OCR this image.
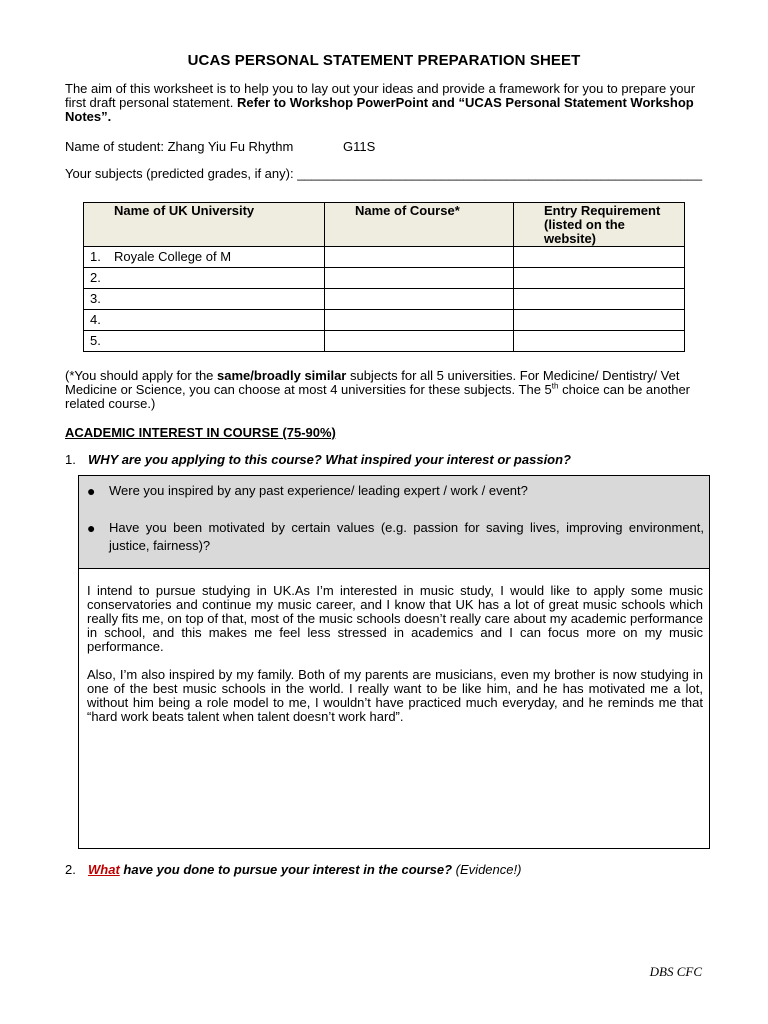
UCAS PERSONAL STATEMENT PREPARATION SHEET
The aim of this worksheet is to help you to lay out your ideas and provide a framework for you to prepare your first draft personal statement. Refer to Workshop PowerPoint and “UCAS Personal Statement Workshop Notes”.
Name of student: Zhang Yiu Fu Rhythm	G11S
Your subjects (predicted grades, if any): ________________________________________________________
Name of UK University	Name of Course*	Entry Requirement (listed on the website)
1. Royale College of M		
2.		
3.		
4.		
5.		
(*You should apply for the same/broadly similar subjects for all 5 universities. For Medicine/ Dentistry/ Vet Medicine or Science, you can choose at most 4 universities for these subjects. The 5th choice can be another related course.)
ACADEMIC INTEREST IN COURSE (75-90%)
1. WHY are you applying to this course? What inspired your interest or passion?
●	Were you inspired by any past experience/ leading expert / work / event?
●	Have you been motivated by certain values (e.g. passion for saving lives, improving environment, justice, fairness)?

I intend to pursue studying in UK.As I’m interested in music study, I would like to apply some music conservatories and continue my music career, and I know that UK has a lot of great music schools which really fits me, on top of that, most of the music schools doesn’t really care about my academic performance in school, and this makes me feel less stressed in academics and I can focus more on my music performance.

Also, I’m also inspired by my family. Both of my parents are musicians, even my brother is now studying in one of the best music schools in the world. I really want to be like him, and he has motivated me a lot, without him being a role model to me, I wouldn’t have practiced much everyday, and he reminds me that “hard work beats talent when talent doesn’t work hard”.

2. What have you done to pursue your interest in the course? (Evidence!)
DBS CFC
